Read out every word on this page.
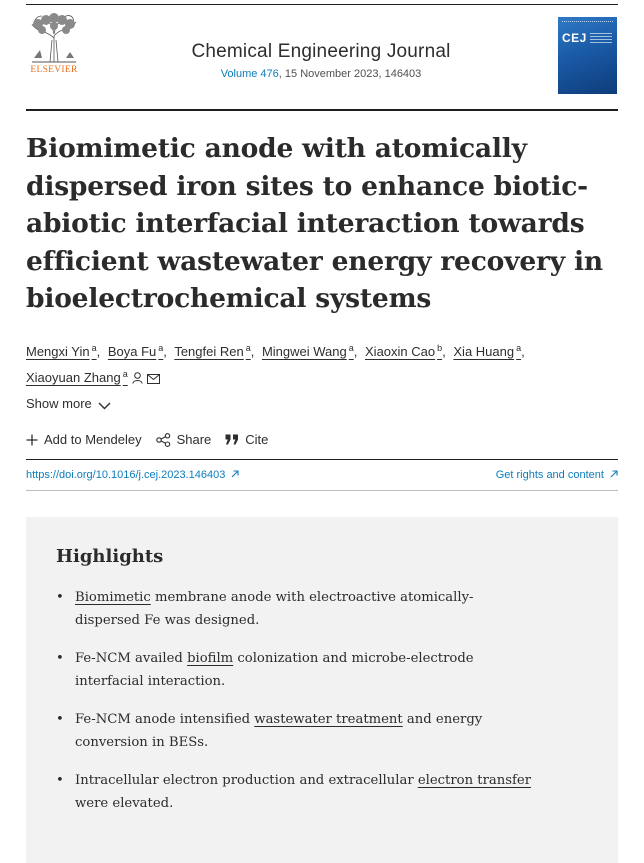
ELSEVIER
Chemical Engineering Journal
Volume 476, 15 November 2023, 146403
CEJ
Biomimetic anode with atomically dispersed iron sites to enhance biotic-abiotic interfacial interaction towards efficient wastewater energy recovery in bioelectrochemical systems
Mengxi Yin $^a$, Boya Fu $^a$, Tengfei Ren $^a$, Mingwei Wang $^a$, Xiaoxin Cao $^b$, Xia Huang $^a$,
Xiaoyuan Zhang $^a$
Show more
Add to Mendeley	Share	Cite
https://doi.org/10.1016/j.cej.2023.146403	Get rights and content
Highlights
• Biomimetic membrane anode with electroactive atomically-
dispersed Fe was designed.
• Fe-NCM availed biofilm colonization and microbe-electrode
interfacial interaction.
• Fe-NCM anode intensified wastewater treatment and energy
conversion in BESs.
• Intracellular electron production and extracellular electron transfer
were elevated.
